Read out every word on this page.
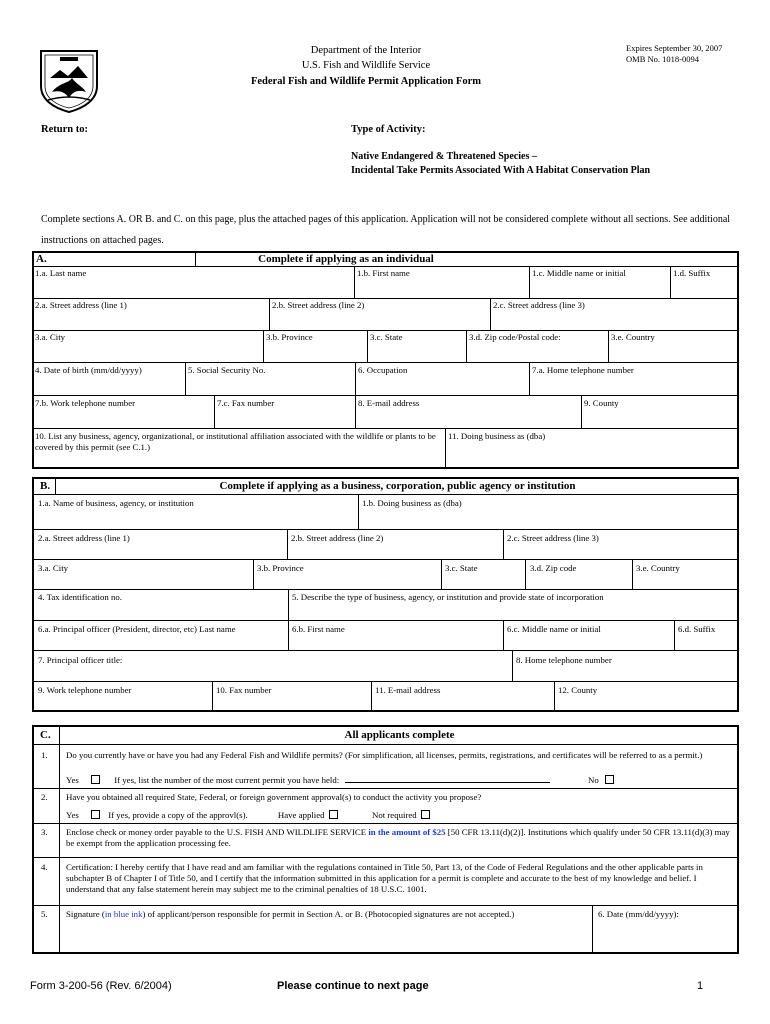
Department of the Interior
U.S. Fish and Wildlife Service
Federal Fish and Wildlife Permit Application Form
Expires September 30, 2007
OMB No. 1018-0094
Return to:	Type of Activity:
Native Endangered & Threatened Species –
Incidental Take Permits Associated With A Habitat Conservation Plan
Complete sections A. OR B. and C. on this page, plus the attached pages of this application. Application will not be considered complete without all sections. See additional instructions on attached pages.
A.	Complete if applying as an individual
1.a. Last name	1.b. First name	1.c. Middle name or initial	1.d. Suffix
2.a. Street address (line 1)	2.b. Street address (line 2)	2.c. Street address (line 3)
3.a. City	3.b. Province	3.c. State	3.d. Zip code/Postal code:	3.e. Country
4. Date of birth (mm/dd/yyyy)	5. Social Security No.	6. Occupation	7.a. Home telephone number
7.b. Work telephone number	7.c. Fax number	8. E-mail address	9. County
10. List any business, agency, organizational, or institutional affiliation associated with the wildlife or plants to be covered by this permit (see C.1.)
11. Doing business as (dba)
B.	Complete if applying as a business, corporation, public agency or institution
1.a. Name of business, agency, or institution	1.b. Doing business as (dba)
2.a. Street address (line 1)	2.b. Street address (line 2)	2.c. Street address (line 3)
3.a. City	3.b. Province	3.c. State	3.d. Zip code	3.e. Country
4. Tax identification no.	5. Describe the type of business, agency, or institution and provide state of incorporation
6.a. Principal officer (President, director, etc) Last name	6.b. First name	6.c. Middle name or initial	6.d. Suffix
7. Principal officer title:	8. Home telephone number
9. Work telephone number	10. Fax number	11. E-mail address	12. County
C.	All applicants complete
1. Do you currently have or have you had any Federal Fish and Wildlife permits? (For simplification, all licenses, permits, registrations, and certificates will be referred to as a permit.)
Yes	If yes, list the number of the most current permit you have held:	No
2. Have you obtained all required State, Federal, or foreign government approval(s) to conduct the activity you propose?
Yes	If yes, provide a copy of the approvl(s).	Have applied	Not required
3. Enclose check or money order payable to the U.S. FISH AND WILDLIFE SERVICE in the amount of $25 [50 CFR 13.11(d)(2)]. Institutions which qualify under 50 CFR 13.11(d)(3) may be exempt from the application processing fee.
4. Certification: I hereby certify that I have read and am familiar with the regulations contained in Title 50, Part 13, of the Code of Federal Regulations and the other applicable parts in subchapter B of Chapter I of Title 50, and I certify that the information submitted in this application for a permit is complete and accurate to the best of my knowledge and belief. I understand that any false statement herein may subject me to the criminal penalties of 18 U.S.C. 1001.
5. Signature (in blue ink) of applicant/person responsible for permit in Section A. or B. (Photocopied signatures are not accepted.)	6. Date (mm/dd/yyyy):
Form 3-200-56 (Rev. 6/2004)	Please continue to next page	1
